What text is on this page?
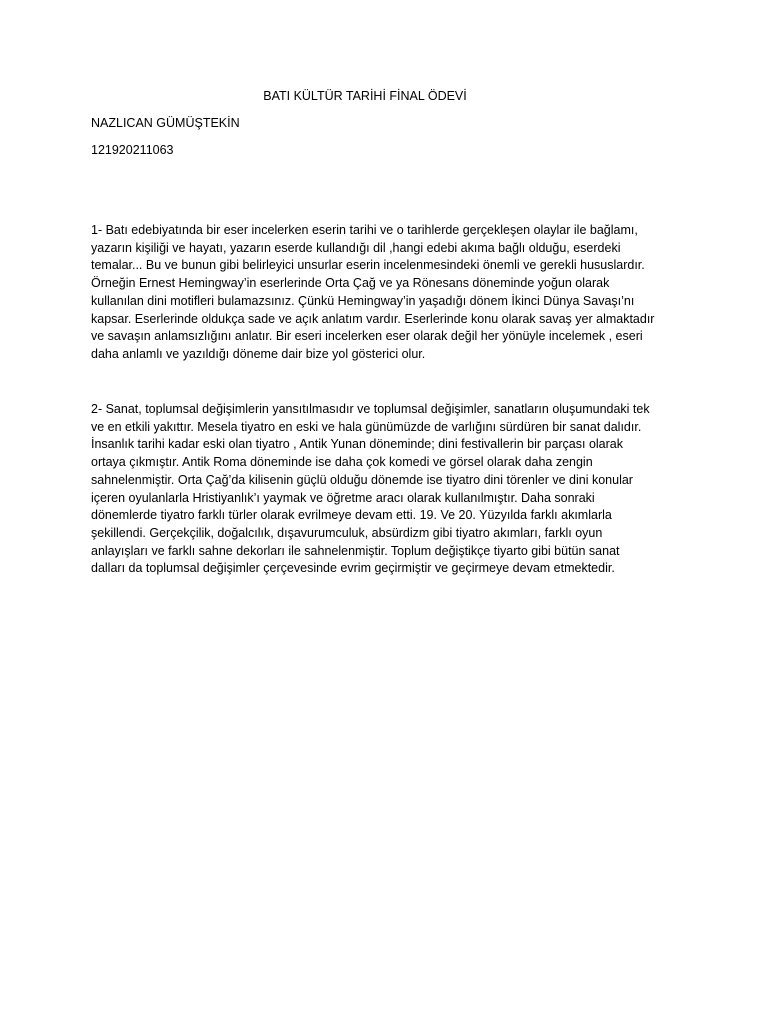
BATI KÜLTÜR TARİHİ FİNAL ÖDEVİ
NAZLICAN GÜMÜŞTEKİN
121920211063

1- Batı edebiyatında bir eser incelerken eserin tarihi ve o tarihlerde gerçekleşen olaylar ile bağlamı,
yazarın kişiliği ve hayatı, yazarın eserde kullandığı dil ,hangi edebi akıma bağlı olduğu, eserdeki
temalar... Bu ve bunun gibi belirleyici unsurlar eserin incelenmesindeki önemli ve gerekli hususlardır.
Örneğin Ernest Hemingway’in eserlerinde Orta Çağ ve ya Rönesans döneminde yoğun olarak
kullanılan dini motifleri bulamazsınız. Çünkü Hemingway’in yaşadığı dönem İkinci Dünya Savaşı’nı
kapsar. Eserlerinde oldukça sade ve açık anlatım vardır. Eserlerinde konu olarak savaş yer almaktadır
ve savaşın anlamsızlığını anlatır. Bir eseri incelerken eser olarak değil her yönüyle incelemek , eseri
daha anlamlı ve yazıldığı döneme dair bize yol gösterici olur.

2- Sanat, toplumsal değişimlerin yansıtılmasıdır ve toplumsal değişimler, sanatların oluşumundaki tek
ve en etkili yakıttır. Mesela tiyatro en eski ve hala günümüzde de varlığını sürdüren bir sanat dalıdır.
İnsanlık tarihi kadar eski olan tiyatro , Antik Yunan döneminde; dini festivallerin bir parçası olarak
ortaya çıkmıştır. Antik Roma döneminde ise daha çok komedi ve görsel olarak daha zengin
sahnelenmiştir. Orta Çağ’da kilisenin güçlü olduğu dönemde ise tiyatro dini törenler ve dini konular
içeren oyulanlarla Hristiyanlık’ı yaymak ve öğretme aracı olarak kullanılmıştır. Daha sonraki
dönemlerde tiyatro farklı türler olarak evrilmeye devam etti. 19. Ve 20. Yüzyılda farklı akımlarla
şekillendi. Gerçekçilik, doğalcılık, dışavurumculuk, absürdizm gibi tiyatro akımları, farklı oyun
anlayışları ve farklı sahne dekorları ile sahnelenmiştir. Toplum değiştikçe tiyarto gibi bütün sanat
dalları da toplumsal değişimler çerçevesinde evrim geçirmiştir ve geçirmeye devam etmektedir.
